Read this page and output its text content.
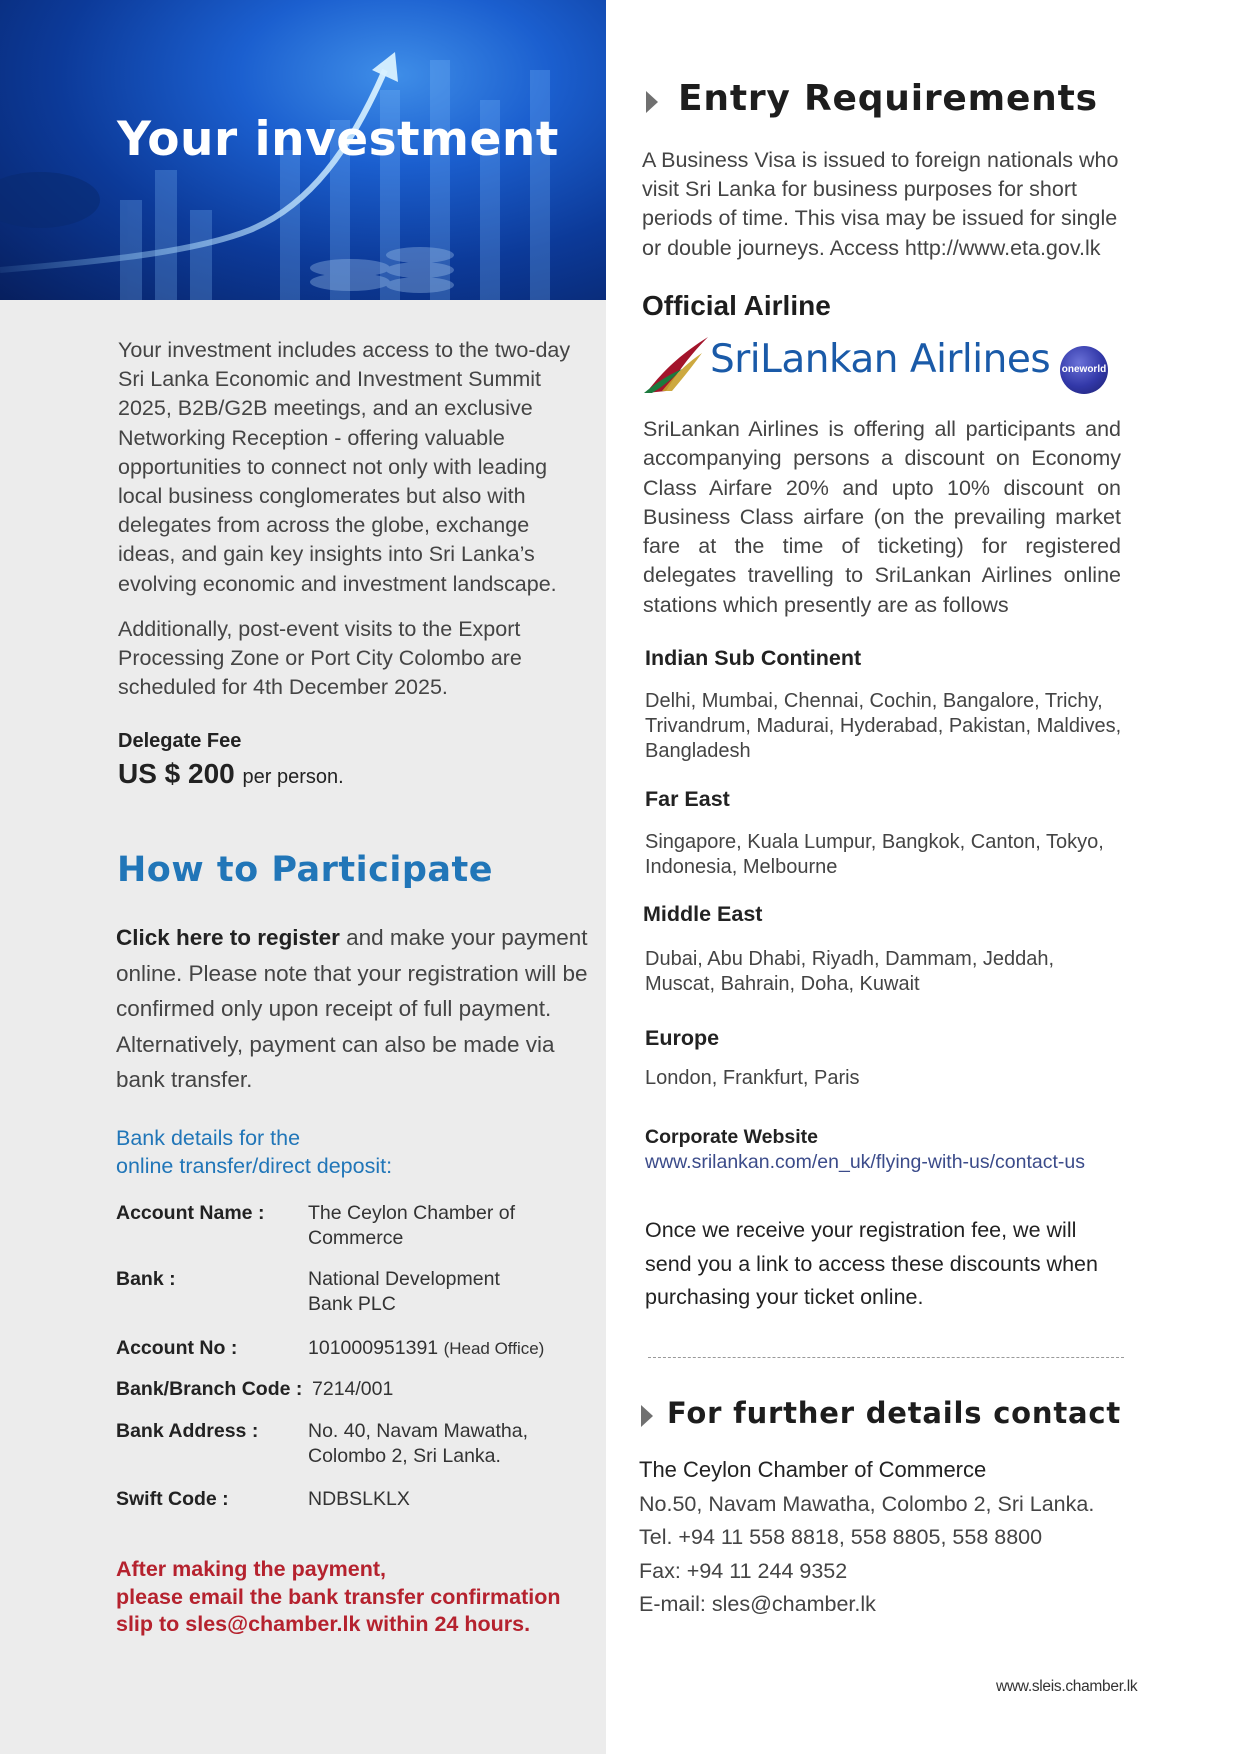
Your investment

Your investment includes access to the two-day Sri Lanka Economic and Investment Summit 2025, B2B/G2B meetings, and an exclusive Networking Reception - offering valuable opportunities to connect not only with leading local business conglomerates but also with delegates from across the globe, exchange ideas, and gain key insights into Sri Lanka’s evolving economic and investment landscape.

Additionally, post-event visits to the Export Processing Zone or Port City Colombo are scheduled for 4th December 2025.

Delegate Fee
US $ 200 per person.
How to Participate

Click here to register and make your payment online. Please note that your registration will be confirmed only upon receipt of full payment. Alternatively, payment can also be made via bank transfer.

Bank details for the
online transfer/direct deposit:
Account Name : The Ceylon Chamber of Commerce
Bank :	National Development Bank PLC
Account No :	101000951391 (Head Office)
Bank/Branch Code : 7214/001
Bank Address :	No. 40, Navam Mawatha, Colombo 2, Sri Lanka.
Swift Code :	NDBSLKLX
After making the payment,
please email the bank transfer confirmation
slip to sles@chamber.lk within 24 hours.
Entry Requirements

A Business Visa is issued to foreign nationals who visit Sri Lanka for business purposes for short periods of time. This visa may be issued for single or double journeys. Access http://www.eta.gov.lk

Official Airline
SriLankan Airlines oneworld

SriLankan Airlines is offering all participants and accompanying persons a discount on Economy Class Airfare 20% and upto 10% discount on Business Class airfare (on the prevailing market fare at the time of ticketing) for registered delegates travelling to SriLankan Airlines online stations which presently are as follows

Indian Sub Continent
Delhi, Mumbai, Chennai, Cochin, Bangalore, Trichy, Trivandrum, Madurai, Hyderabad, Pakistan, Maldives, Bangladesh
Far East
Singapore, Kuala Lumpur, Bangkok, Canton, Tokyo, Indonesia, Melbourne
Middle East
Dubai, Abu Dhabi, Riyadh, Dammam, Jeddah, Muscat, Bahrain, Doha, Kuwait
Europe
London, Frankfurt, Paris
Corporate Website
www.srilankan.com/en_uk/flying-with-us/contact-us

Once we receive your registration fee, we will send you a link to access these discounts when purchasing your ticket online.

For further details contact
The Ceylon Chamber of Commerce
No.50, Navam Mawatha, Colombo 2, Sri Lanka.
Tel. +94 11 558 8818, 558 8805, 558 8800
Fax: +94 11 244 9352
E-mail: sles@chamber.lk
www.sleis.chamber.lk
